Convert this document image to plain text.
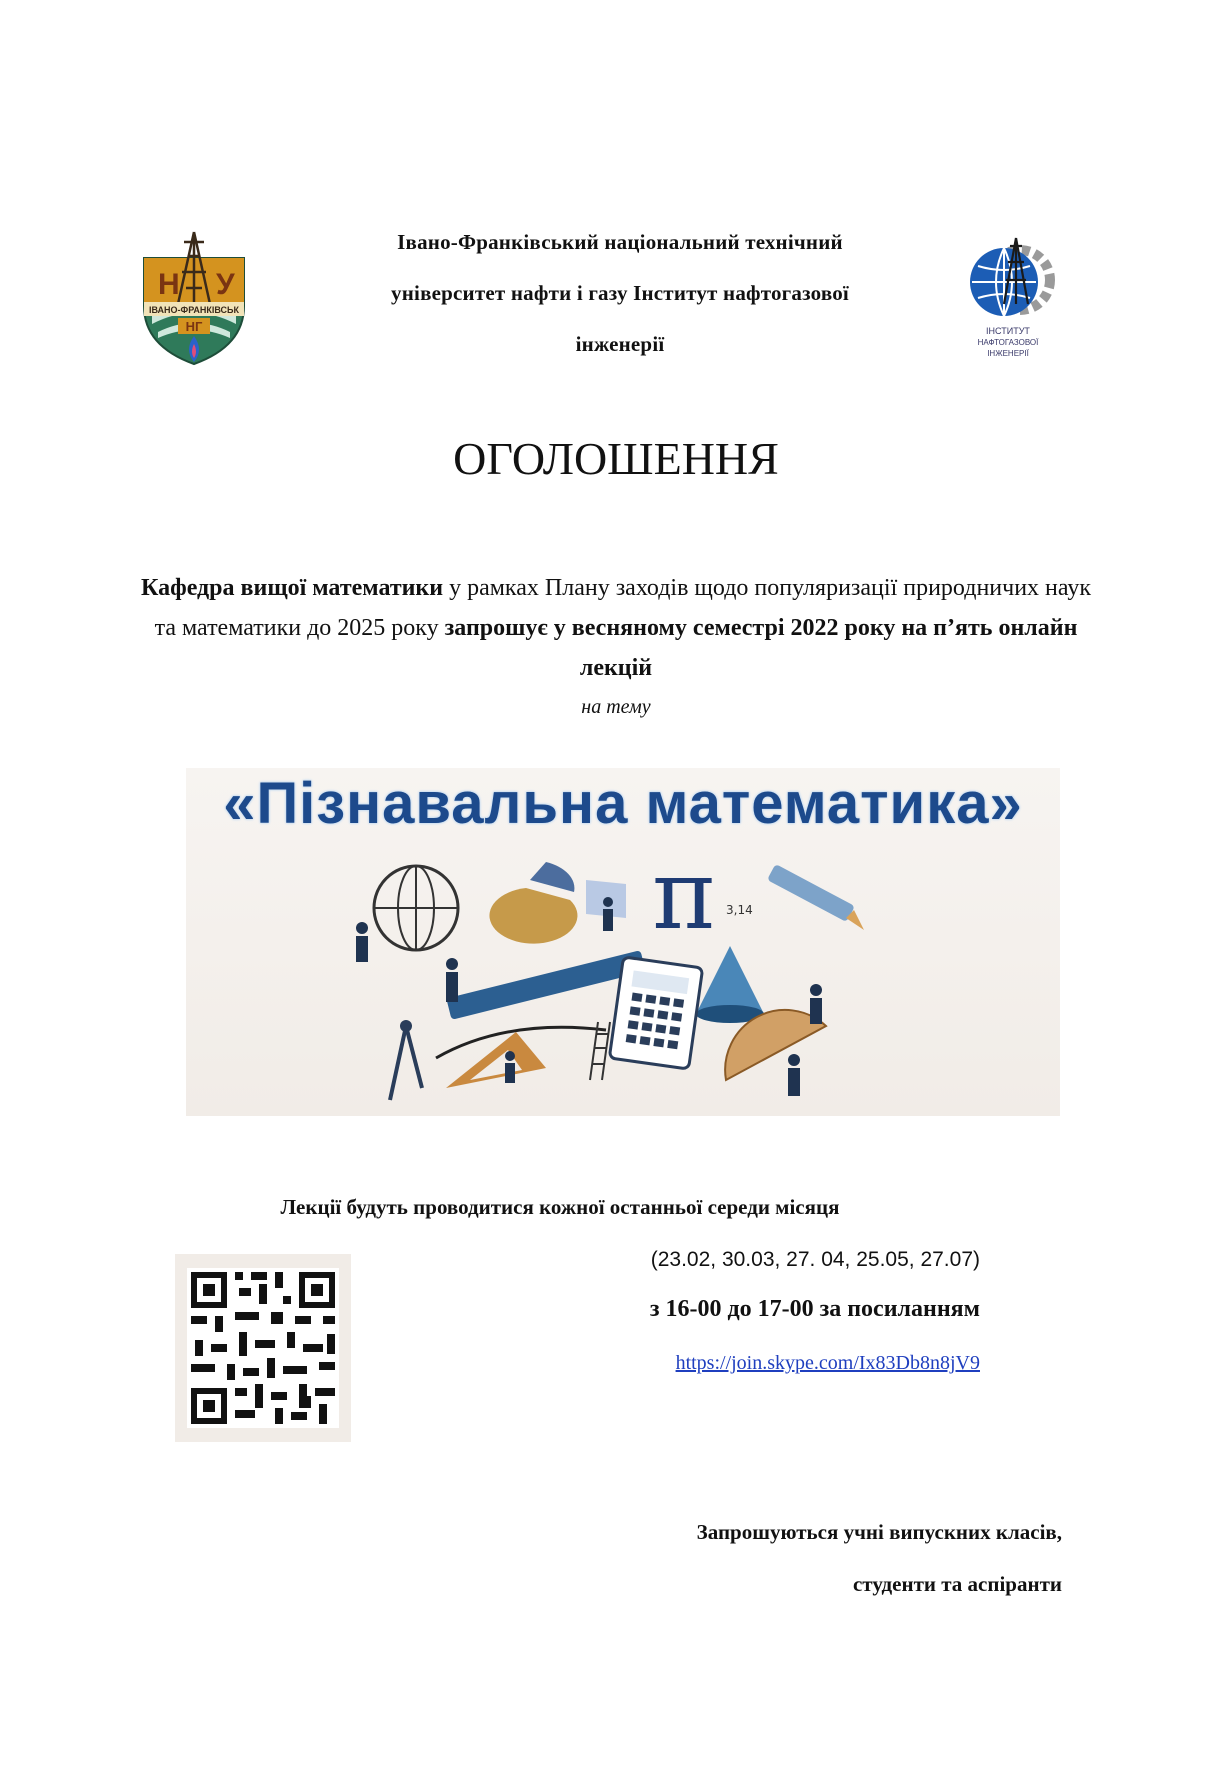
Н У
ІВАНО-ФРАНКІВСЬК
НГ
Івано-Франківський національний технічний
університет нафти і газу Інститут нафтогазової
інженерії
ІНСТИТУТ
НАФТОГАЗОВОЇ
ІНЖЕНЕРІЇ
ОГОЛОШЕННЯ
Кафедра вищої математики у рамках Плану заходів щодо популяризації природничих наук та математики до 2025 року запрошує у весняному семестрі 2022 року на п’ять онлайн лекцій
на тему
π 3,14
«Пізнавальна математика»
Лекції будуть проводитися кожної останньої середи місяця
(23.02, 30.03, 27. 04, 25.05, 27.07)
з 16-00 до 17-00 за посиланням
https://join.skype.com/Ix83Db8n8jV9
Запрошуються учні випускних класів,
студенти та аспіранти
